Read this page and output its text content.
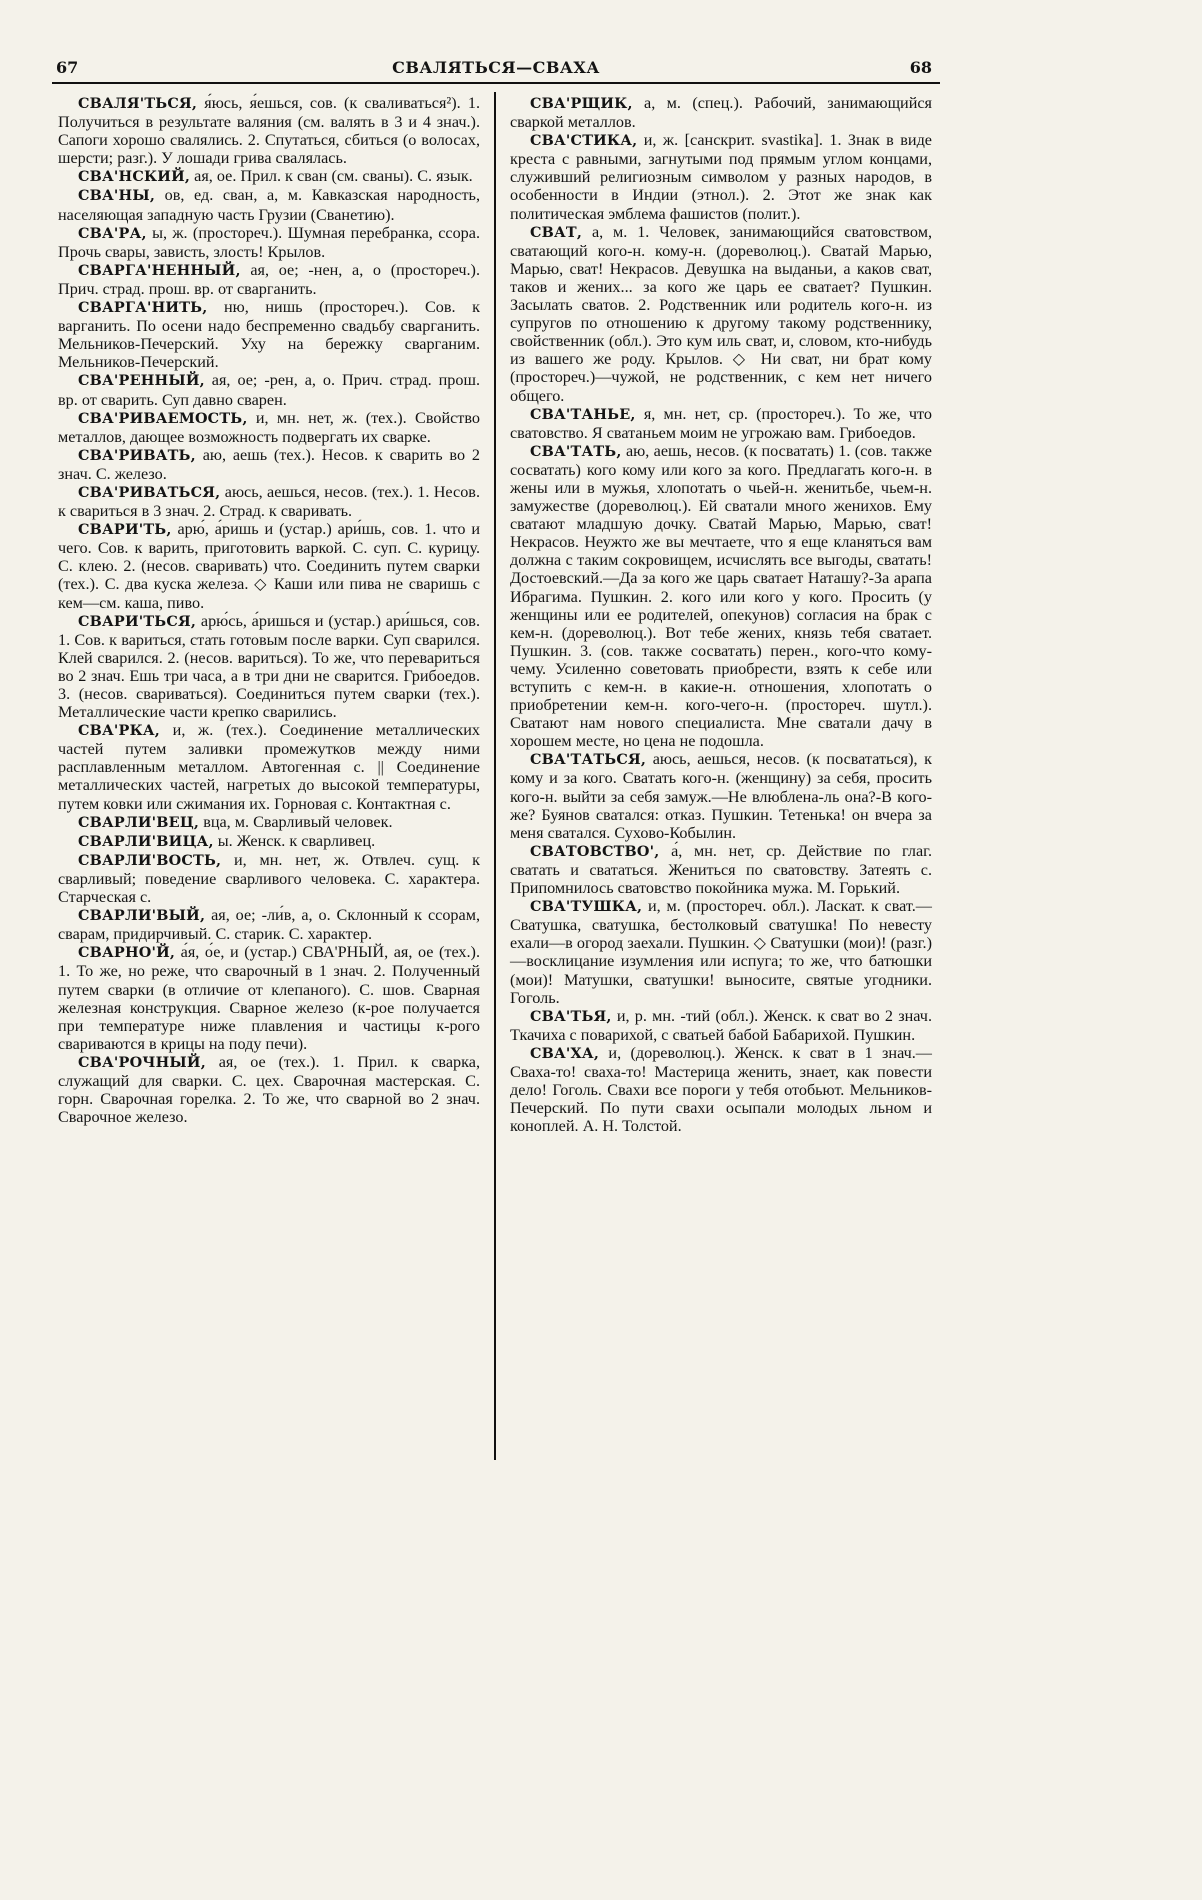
67	СВАЛЯТЬСЯ—СВАХА	68

СВАЛЯ'ТЬСЯ, я́юсь, я́ешься, сов. (к сваливаться²). 1. Получиться в результате валяния (см. валять в 3 и 4 знач.). Сапоги хорошо свалялись. 2. Спутаться, сбиться (о волосах, шерсти; разг.). У лошади грива свалялась.

СВА'НСКИЙ, ая, ое. Прил. к сван (см. сваны). С. язык.

СВА'НЫ, ов, ед. сван, а, м. Кавказская народность, населяющая западную часть Грузии (Сванетию).

СВА'РА, ы, ж. (простореч.). Шумная перебранка, ссора. Прочь свары, зависть, злость! Крылов.

СВАРГА'НЕННЫЙ, ая, ое; -нен, а, о (простореч.). Прич. страд. прош. вр. от сварганить.

СВАРГА'НИТЬ, ню, нишь (простореч.). Сов. к варганить. По осени надо беспременно свадьбу сварганить. Мельников-Печерский. Уху на бережку сварганим. Мельников-Печерский.

СВА'РЕННЫЙ, ая, ое; -рен, а, о. Прич. страд. прош. вр. от сварить. Суп давно сварен.

СВА'РИВАЕМОСТЬ, и, мн. нет, ж. (тех.). Свойство металлов, дающее возможность подвергать их сварке.

СВА'РИВАТЬ, аю, аешь (тех.). Несов. к сварить во 2 знач. С. железо.

СВА'РИВАТЬСЯ, аюсь, аешься, несов. (тех.). 1. Несов. к свариться в 3 знач. 2. Страд. к сваривать.

СВАРИ'ТЬ, арю́, а́ришь и (устар.) ари́шь, сов. 1. что и чего. Сов. к варить, приготовить варкой. С. суп. С. курицу. С. клею. 2. (несов. сваривать) что. Соединить путем сварки (тех.). С. два куска железа. ◇ Каши или пива не сваришь с кем—см. каша, пиво.

СВАРИ'ТЬСЯ, арю́сь, а́ришься и (устар.) ари́шься, сов. 1. Сов. к вариться, стать готовым после варки. Суп сварился. Клей сварился. 2. (несов. вариться). То же, что перевариться во 2 знач. Ешь три часа, а в три дни не сварится. Грибоедов. 3. (несов. свариваться). Соединиться путем сварки (тех.). Металлические части крепко сварились.

СВА'РКА, и, ж. (тех.). Соединение металлических частей путем заливки промежутков между ними расплавленным металлом. Автогенная с. || Соединение металлических частей, нагретых до высокой температуры, путем ковки или сжимания их. Горновая с. Контактная с.

СВАРЛИ'ВЕЦ, вца, м. Сварливый человек.

СВАРЛИ'ВИЦА, ы. Женск. к сварливец.

СВАРЛИ'ВОСТЬ, и, мн. нет, ж. Отвлеч. сущ. к сварливый; поведение сварливого человека. С. характера. Старческая с.

СВАРЛИ'ВЫЙ, ая, ое; -ли́в, а, о. Склонный к ссорам, сварам, придирчивый. С. старик. С. характер.

СВАРНО'Й, а́я, о́е, и (устар.) СВА'РНЫЙ, ая, ое (тех.). 1. То же, но реже, что сварочный в 1 знач. 2. Полученный путем сварки (в отличие от клепаного). С. шов. Сварная железная конструкция. Сварное железо (к-рое получается при температуре ниже плавления и частицы к-рого свариваются в крицы на поду печи).

СВА'РОЧНЫЙ, ая, ое (тех.). 1. Прил. к сварка, служащий для сварки. С. цех. Сварочная мастерская. С. горн. Сварочная горелка. 2. То же, что сварной во 2 знач. Сварочное железо.

СВА'РЩИК, а, м. (спец.). Рабочий, занимающийся сваркой металлов.

СВА'СТИКА, и, ж. [санскрит. svastika]. 1. Знак в виде креста с равными, загнутыми под прямым углом концами, служивший религиозным символом у разных народов, в особенности в Индии (этнол.). 2. Этот же знак как политическая эмблема фашистов (полит.).

СВАТ, а, м. 1. Человек, занимающийся сватовством, сватающий кого-н. кому-н. (дореволюц.). Сватай Марью, Марью, сват! Некрасов. Девушка на выданьи, а каков сват, таков и жених... за кого же царь ее сватает? Пушкин. Засылать сватов. 2. Родственник или родитель кого-н. из супругов по отношению к другому такому родственнику, свойственник (обл.). Это кум иль сват, и, словом, кто-нибудь из вашего же роду. Крылов. ◇ Ни сват, ни брат кому (простореч.)—чужой, не родственник, с кем нет ничего общего.

СВА'ТАНЬЕ, я, мн. нет, ср. (простореч.). То же, что сватовство. Я сватаньем моим не угрожаю вам. Грибоедов.

СВА'ТАТЬ, аю, аешь, несов. (к посватать) 1. (сов. также сосватать) кого кому или кого за кого. Предлагать кого-н. в жены или в мужья, хлопотать о чьей-н. женитьбе, чьем-н. замужестве (дореволюц.). Ей сватали много женихов. Ему сватают младшую дочку. Сватай Марью, Марью, сват! Некрасов. Неужто же вы мечтаете, что я еще кланяться вам должна с таким сокровищем, исчислять все выгоды, сватать! Достоевский.—Да за кого же царь сватает Наташу?-За арапа Ибрагима. Пушкин. 2. кого или кого у кого. Просить (у женщины или ее родителей, опекунов) согласия на брак с кем-н. (дореволюц.). Вот тебе жених, князь тебя сватает. Пушкин. 3. (сов. также сосватать) перен., кого-что кому-чему. Усиленно советовать приобрести, взять к себе или вступить с кем-н. в какие-н. отношения, хлопотать о приобретении кем-н. кого-чего-н. (простореч. шутл.). Сватают нам нового специалиста. Мне сватали дачу в хорошем месте, но цена не подошла.

СВА'ТАТЬСЯ, аюсь, аешься, несов. (к посвататься), к кому и за кого. Сватать кого-н. (женщину) за себя, просить кого-н. выйти за себя замуж.—Не влюблена-ль она?-В кого-же? Буянов сватался: отказ. Пушкин. Тетенька! он вчера за меня сватался. Сухово-Кобылин.

СВАТОВСТВО', а́, мн. нет, ср. Действие по глаг. сватать и свататься. Жениться по сватовству. Затеять с. Припомнилось сватовство покойника мужа. М. Горький.

СВА'ТУШКА, и, м. (простореч. обл.). Ласкат. к сват.—Сватушка, сватушка, бестолковый сватушка! По невесту ехали—в огород заехали. Пушкин. ◇ Сватушки (мои)! (разг.)—восклицание изумления или испуга; то же, что батюшки (мои)! Матушки, сватушки! выносите, святые угодники. Гоголь.

СВА'ТЬЯ, и, р. мн. -тий (обл.). Женск. к сват во 2 знач. Ткачиха с поварихой, с сватьей бабой Бабарихой. Пушкин.

СВА'ХА, и, (дореволюц.). Женск. к сват в 1 знач.—Сваха-то! сваха-то! Мастерица женить, знает, как повести дело! Гоголь. Свахи все пороги у тебя отобьют. Мельников-Печерский. По пути свахи осыпали молодых льном и коноплей. А. Н. Толстой.
